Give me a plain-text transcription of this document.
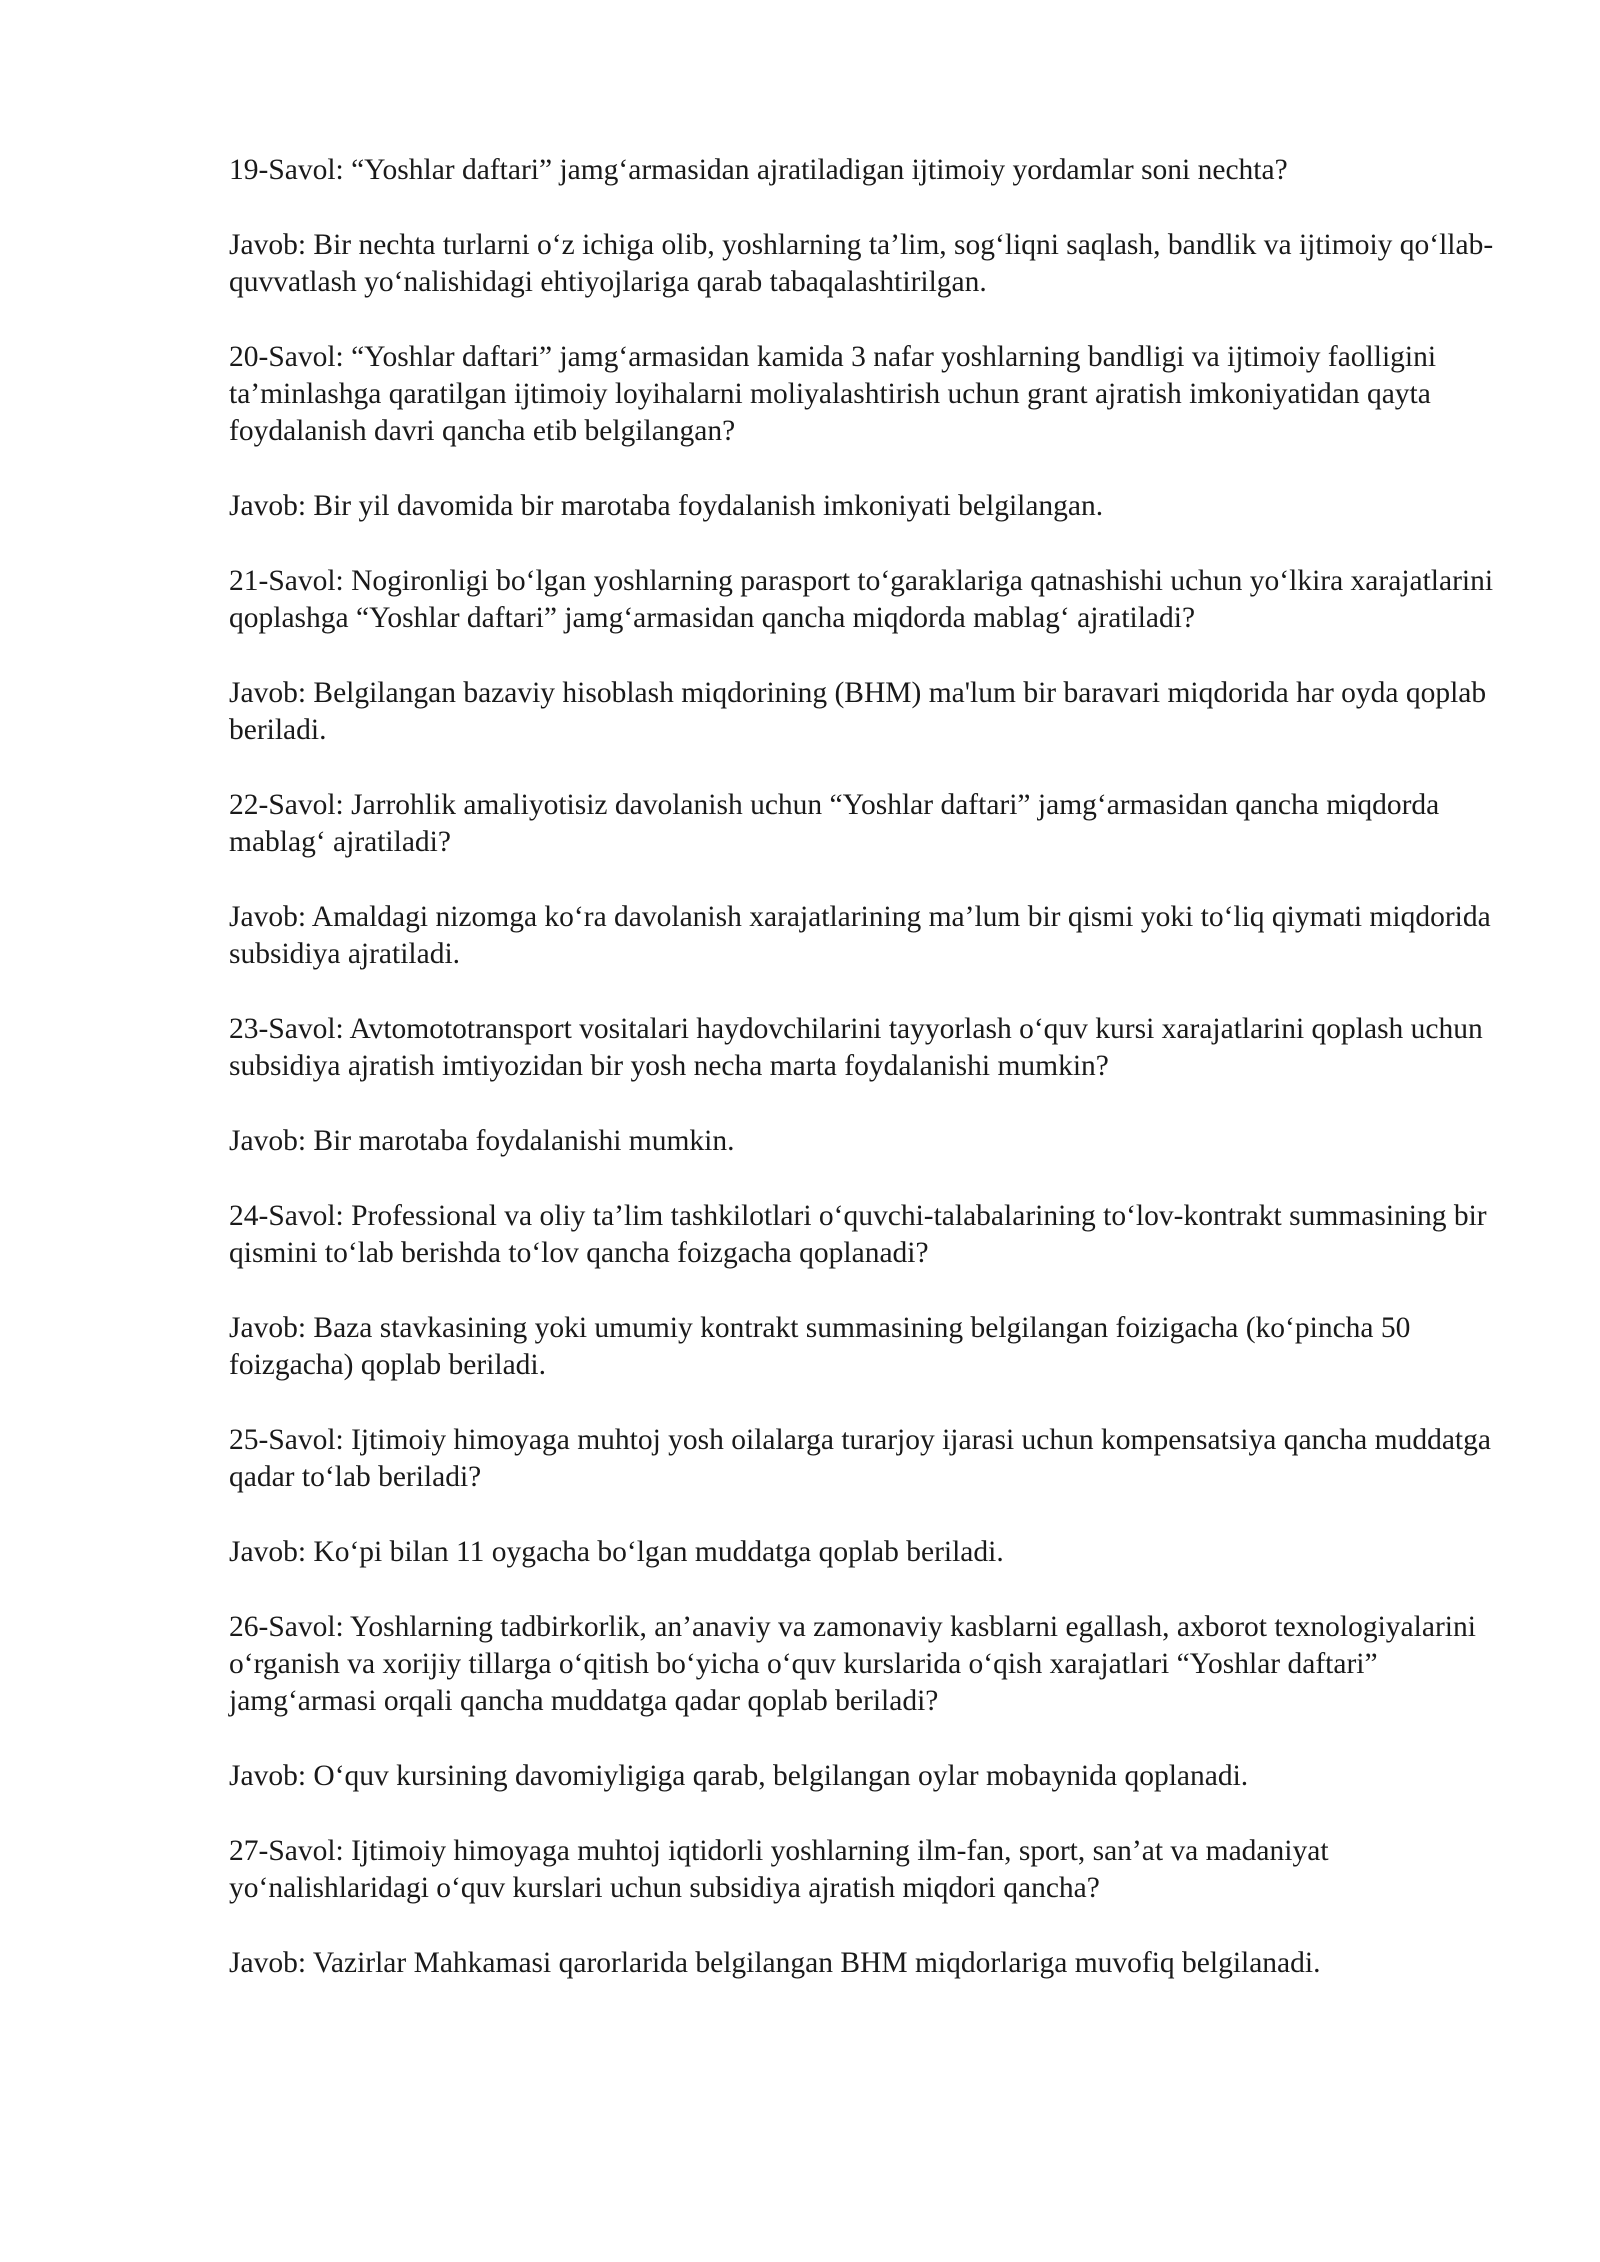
19-Savol: “Yoshlar daftari” jamg‘armasidan ajratiladigan ijtimoiy yordamlar soni nechta?

Javob: Bir nechta turlarni o‘z ichiga olib, yoshlarning ta’lim, sog‘liqni saqlash, bandlik va ijtimoiy qo‘llab-quvvatlash yo‘nalishidagi ehtiyojlariga qarab tabaqalashtirilgan.

20-Savol: “Yoshlar daftari” jamg‘armasidan kamida 3 nafar yoshlarning bandligi va ijtimoiy faolligini ta’minlashga qaratilgan ijtimoiy loyihalarni moliyalashtirish uchun grant ajratish imkoniyatidan qayta foydalanish davri qancha etib belgilangan?

Javob: Bir yil davomida bir marotaba foydalanish imkoniyati belgilangan.

21-Savol: Nogironligi bo‘lgan yoshlarning parasport to‘garaklariga qatnashishi uchun yo‘lkira xarajatlarini qoplashga “Yoshlar daftari” jamg‘armasidan qancha miqdorda mablag‘ ajratiladi?

Javob: Belgilangan bazaviy hisoblash miqdorining (BHM) ma'lum bir baravari miqdorida har oyda qoplab beriladi.

22-Savol: Jarrohlik amaliyotisiz davolanish uchun “Yoshlar daftari” jamg‘armasidan qancha miqdorda mablag‘ ajratiladi?

Javob: Amaldagi nizomga ko‘ra davolanish xarajatlarining ma’lum bir qismi yoki to‘liq qiymati miqdorida subsidiya ajratiladi.

23-Savol: Avtomototransport vositalari haydovchilarini tayyorlash o‘quv kursi xarajatlarini qoplash uchun subsidiya ajratish imtiyozidan bir yosh necha marta foydalanishi mumkin?

Javob: Bir marotaba foydalanishi mumkin.

24-Savol: Professional va oliy ta’lim tashkilotlari o‘quvchi-talabalarining to‘lov-kontrakt summasining bir qismini to‘lab berishda to‘lov qancha foizgacha qoplanadi?

Javob: Baza stavkasining yoki umumiy kontrakt summasining belgilangan foizigacha (ko‘pincha 50 foizgacha) qoplab beriladi.

25-Savol: Ijtimoiy himoyaga muhtoj yosh oilalarga turarjoy ijarasi uchun kompensatsiya qancha muddatga qadar to‘lab beriladi?

Javob: Ko‘pi bilan 11 oygacha bo‘lgan muddatga qoplab beriladi.

26-Savol: Yoshlarning tadbirkorlik, an’anaviy va zamonaviy kasblarni egallash, axborot texnologiyalarini o‘rganish va xorijiy tillarga o‘qitish bo‘yicha o‘quv kurslarida o‘qish xarajatlari “Yoshlar daftari” jamg‘armasi orqali qancha muddatga qadar qoplab beriladi?

Javob: O‘quv kursining davomiyligiga qarab, belgilangan oylar mobaynida qoplanadi.

27-Savol: Ijtimoiy himoyaga muhtoj iqtidorli yoshlarning ilm-fan, sport, san’at va madaniyat yo‘nalishlaridagi o‘quv kurslari uchun subsidiya ajratish miqdori qancha?

Javob: Vazirlar Mahkamasi qarorlarida belgilangan BHM miqdorlariga muvofiq belgilanadi.
